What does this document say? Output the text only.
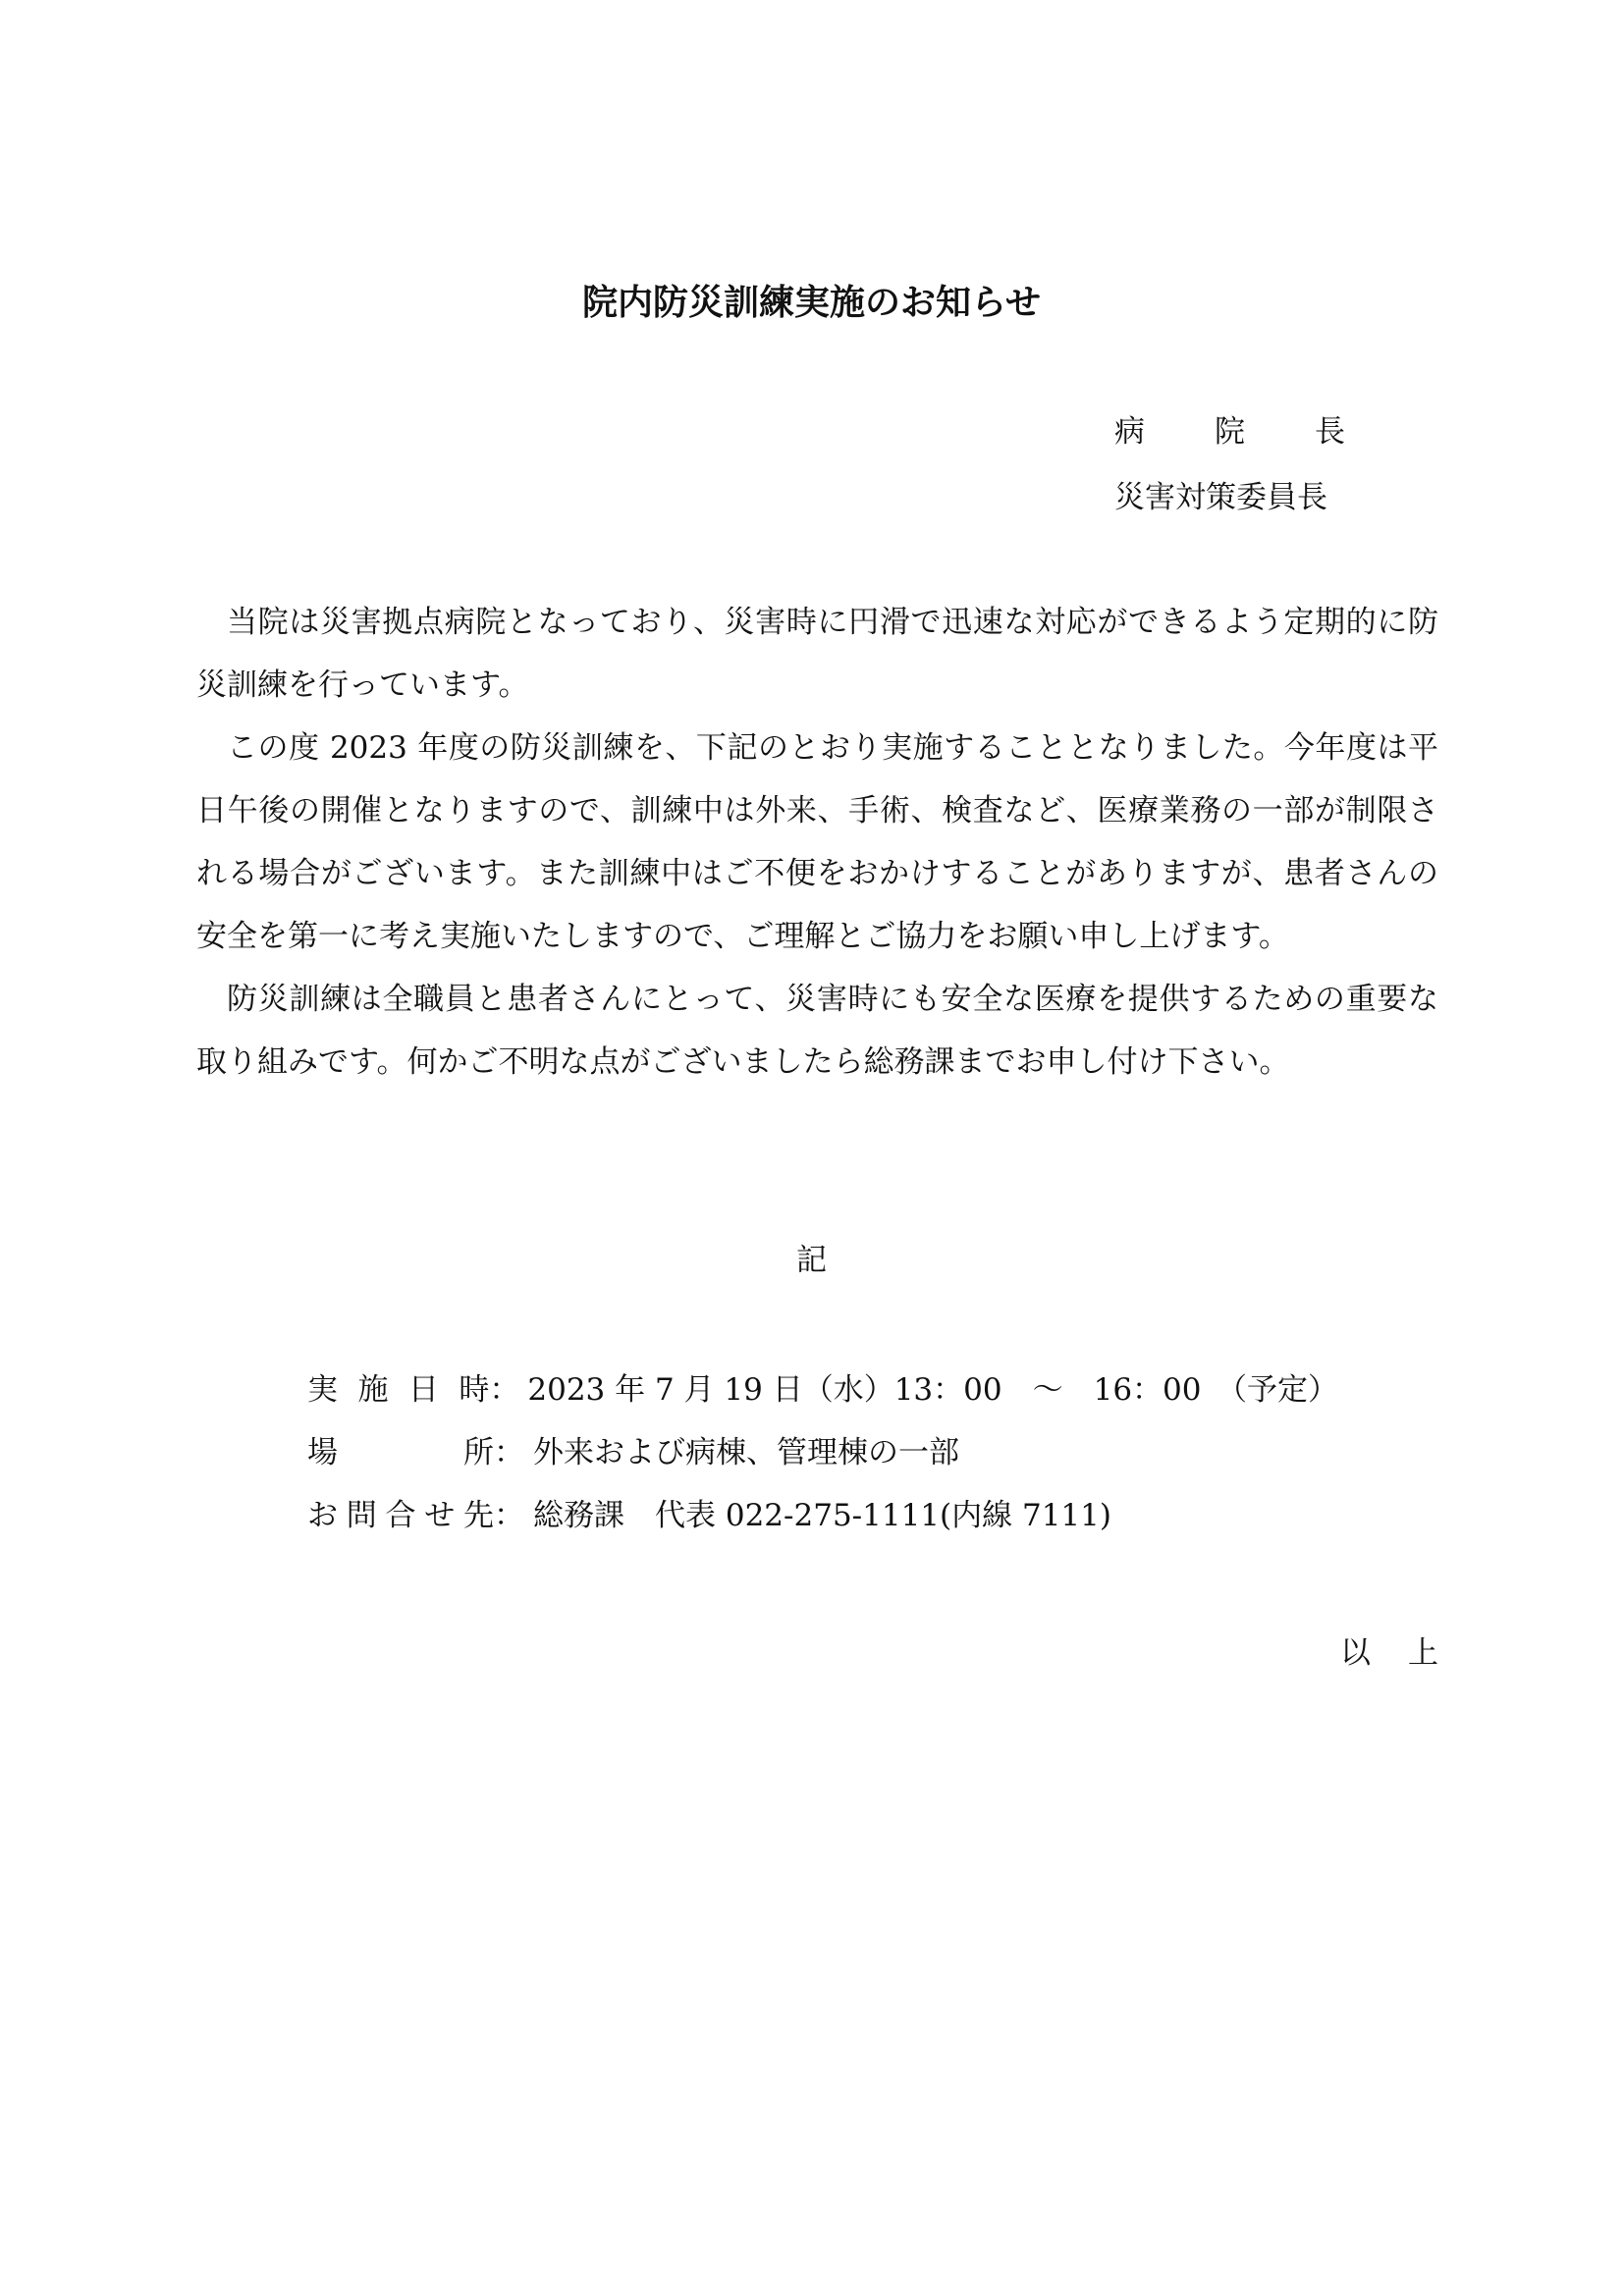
院内防災訓練実施のお知らせ
病　院　長
災害対策委員長

当院は災害拠点病院となっており、災害時に円滑で迅速な対応ができるよう定期的に防災訓練を行っています。

この度 2023 年度の防災訓練を、下記のとおり実施することとなりました。今年度は平日午後の開催となりますので、訓練中は外来、手術、検査など、医療業務の一部が制限される場合がございます。また訓練中はご不便をおかけすることがありますが、患者さんの安全を第一に考え実施いたしますので、ご理解とご協力をお願い申し上げます。

防災訓練は全職員と患者さんにとって、災害時にも安全な医療を提供するための重要な取り組みです。何かご不明な点がございましたら総務課までお申し付け下さい。

記
実施日時 ： 2023 年 7 月 19 日（水）13：00　～　16：00　（予定）
場所 ： 外来および病棟、管理棟の一部
お問合せ先 ： 総務課　代表 022-275-1111(内線 7111)
以上
